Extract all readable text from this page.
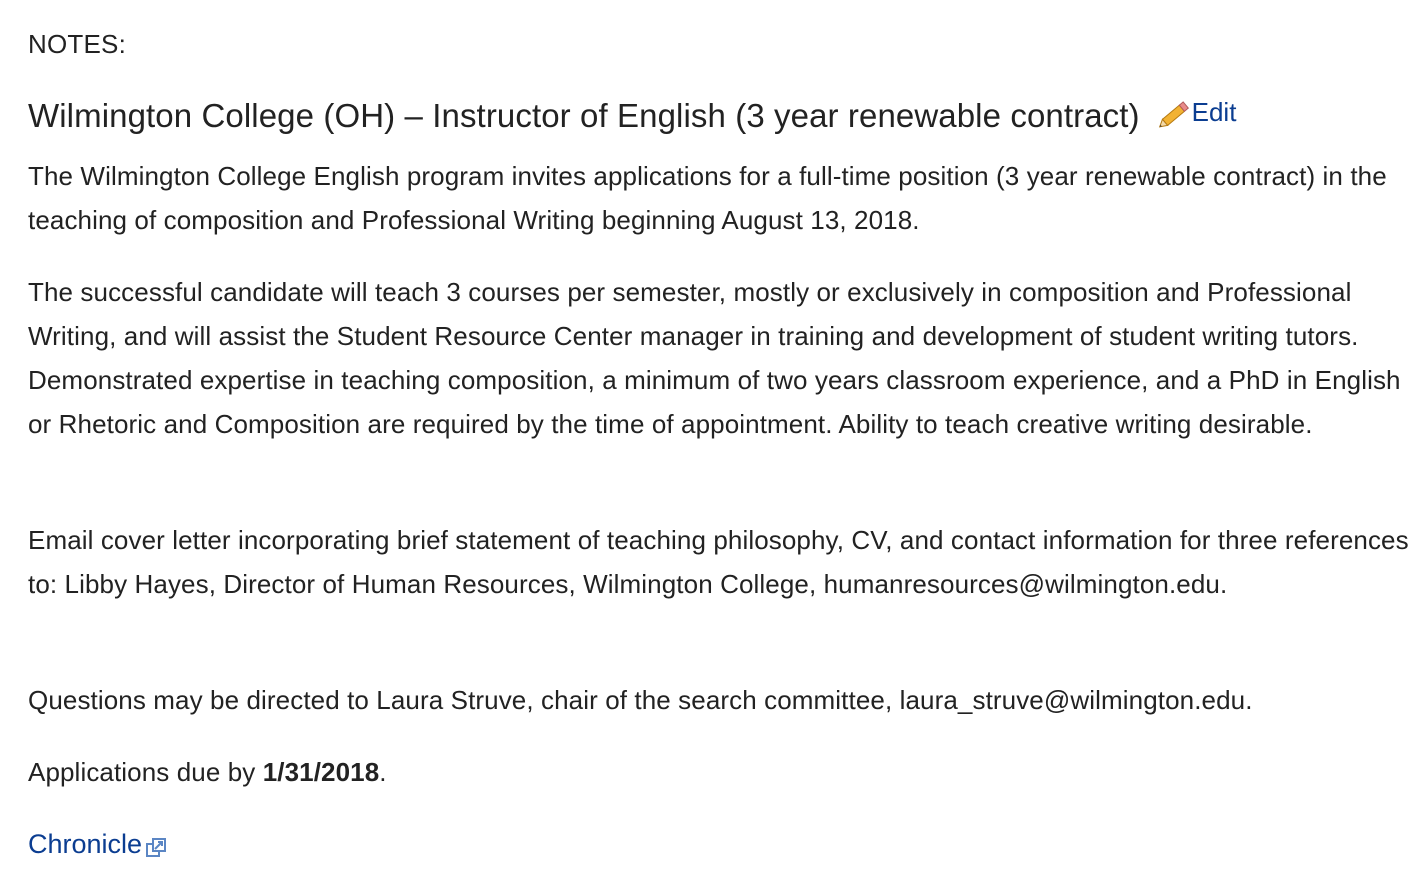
NOTES:
Wilmington College (OH) – Instructor of English (3 year renewable contract) Edit

The Wilmington College English program invites applications for a full-time position (3 year renewable contract) in the teaching of composition and Professional Writing beginning August 13, 2018.

The successful candidate will teach 3 courses per semester, mostly or exclusively in composition and Professional Writing, and will assist the Student Resource Center manager in training and development of student writing tutors.  Demonstrated expertise in teaching composition, a minimum of two years classroom experience, and a PhD in English or Rhetoric and Composition are required by the time of appointment. Ability to teach creative writing desirable.

Email cover letter incorporating brief statement of teaching philosophy, CV, and contact information for three references to: Libby Hayes, Director of Human Resources, Wilmington College, humanresources@wilmington.edu.

Questions may be directed to Laura Struve, chair of the search committee, laura_struve@wilmington.edu.

Applications due by 1/31/2018.

Chronicle
